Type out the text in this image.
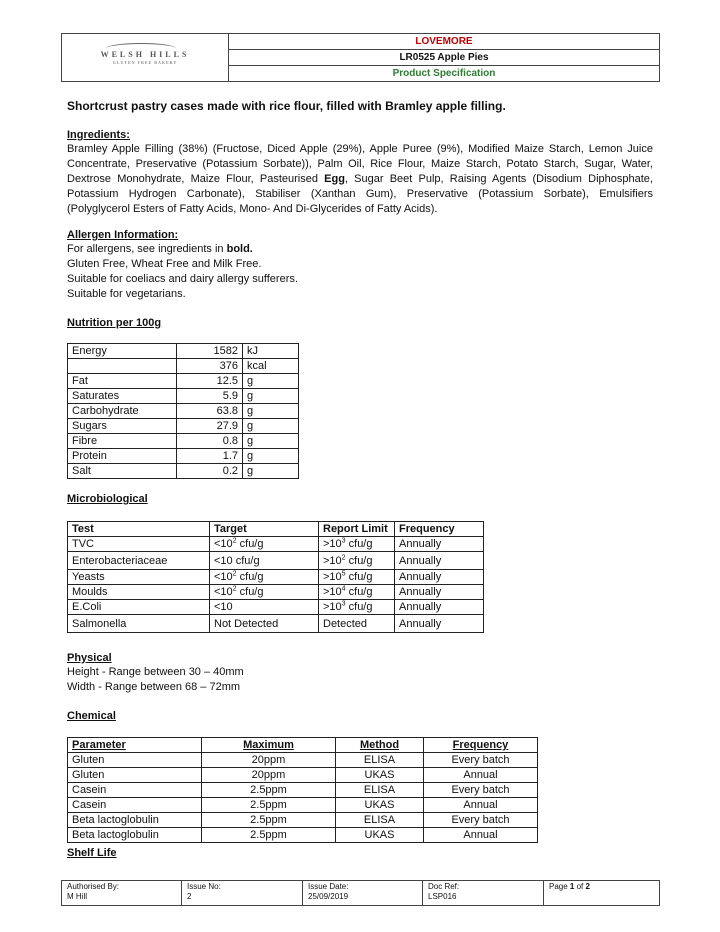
WELSH HILLS
GLUTEN FREE BAKERY
	LOVEMORE
LR0525 Apple Pies
Product Specification
Shortcrust pastry cases made with rice flour, filled with Bramley apple filling.
Ingredients:
Bramley Apple Filling (38%) (Fructose, Diced Apple (29%), Apple Puree (9%), Modified Maize Starch, Lemon Juice Concentrate, Preservative (Potassium Sorbate)), Palm Oil, Rice Flour, Maize Starch, Potato Starch, Sugar, Water, Dextrose Monohydrate, Maize Flour, Pasteurised Egg, Sugar Beet Pulp, Raising Agents (Disodium Diphosphate, Potassium Hydrogen Carbonate), Stabiliser (Xanthan Gum), Preservative (Potassium Sorbate), Emulsifiers (Polyglycerol Esters of Fatty Acids, Mono- And Di-Glycerides of Fatty Acids).
Allergen Information:
For allergens, see ingredients in bold.
Gluten Free, Wheat Free and Milk Free.
Suitable for coeliacs and dairy allergy sufferers.
Suitable for vegetarians.
Nutrition per 100g
Energy	1582	kJ
	376	kcal
Fat	12.5	g
Saturates	5.9	g
Carbohydrate	63.8	g
Sugars	27.9	g
Fibre	0.8	g
Protein	1.7	g
Salt	0.2	g
Microbiological
Test	Target	Report Limit	Frequency
TVC	$<10^2$ cfu/g	$>10^3$ cfu/g	Annually
Enterobacteriaceae	<10 cfu/g	$>10^2$ cfu/g	Annually
Yeasts	$<10^2$ cfu/g	$>10^5$ cfu/g	Annually
Moulds	$<10^2$ cfu/g	$>10^4$ cfu/g	Annually
E.Coli	<10	$>10^3$ cfu/g	Annually
Salmonella	Not Detected	Detected	Annually
Physical
Height - Range between 30 – 40mm
Width - Range between 68 – 72mm
Chemical
Parameter	Maximum	Method	Frequency
Gluten	20ppm	ELISA	Every batch
Gluten	20ppm	UKAS	Annual
Casein	2.5ppm	ELISA	Every batch
Casein	2.5ppm	UKAS	Annual
Beta lactoglobulin	2.5ppm	ELISA	Every batch
Beta lactoglobulin	2.5ppm	UKAS	Annual
Shelf Life
Authorised By:
M Hill

Issue No:
2

Issue Date:
25/09/2019

Doc Ref:
LSP016
	Page 1 of 2
